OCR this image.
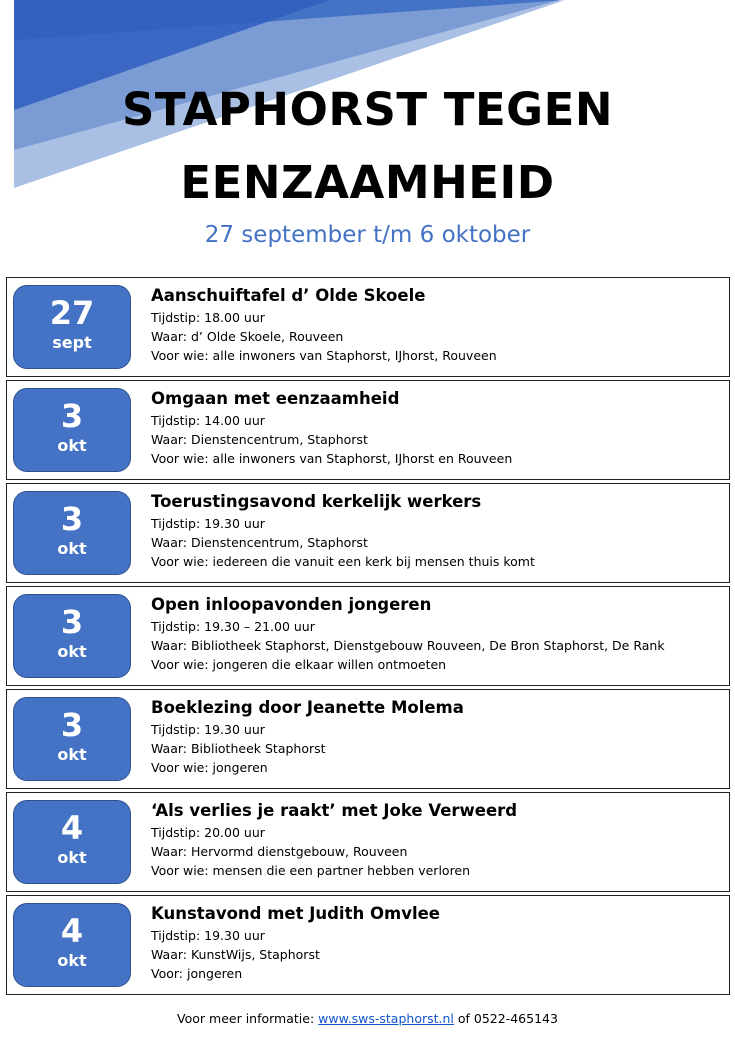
STAPHORST TEGEN
EENZAAMHEID
27 september t/m 6 oktober
27
sept
Aanschuiftafel d’ Olde Skoele
Tijdstip: 18.00 uur
Waar: d’ Olde Skoele, Rouveen
Voor wie: alle inwoners van Staphorst, IJhorst, Rouveen
3
okt
Omgaan met eenzaamheid
Tijdstip: 14.00 uur
Waar: Dienstencentrum, Staphorst
Voor wie: alle inwoners van Staphorst, IJhorst en Rouveen
3
okt
Toerustingsavond kerkelijk werkers
Tijdstip: 19.30 uur
Waar: Dienstencentrum, Staphorst
Voor wie: iedereen die vanuit een kerk bij mensen thuis komt
3
okt
Open inloopavonden jongeren
Tijdstip: 19.30 – 21.00 uur
Waar: Bibliotheek Staphorst, Dienstgebouw Rouveen, De Bron Staphorst, De Rank
Voor wie: jongeren die elkaar willen ontmoeten
3
okt
Boeklezing door Jeanette Molema
Tijdstip: 19.30 uur
Waar: Bibliotheek Staphorst
Voor wie: jongeren
4
okt
‘Als verlies je raakt’ met Joke Verweerd
Tijdstip: 20.00 uur
Waar: Hervormd dienstgebouw, Rouveen
Voor wie: mensen die een partner hebben verloren
4
okt
Kunstavond met Judith Omvlee
Tijdstip: 19.30 uur
Waar: KunstWijs, Staphorst
Voor: jongeren
Voor meer informatie: www.sws-staphorst.nl of 0522-465143
